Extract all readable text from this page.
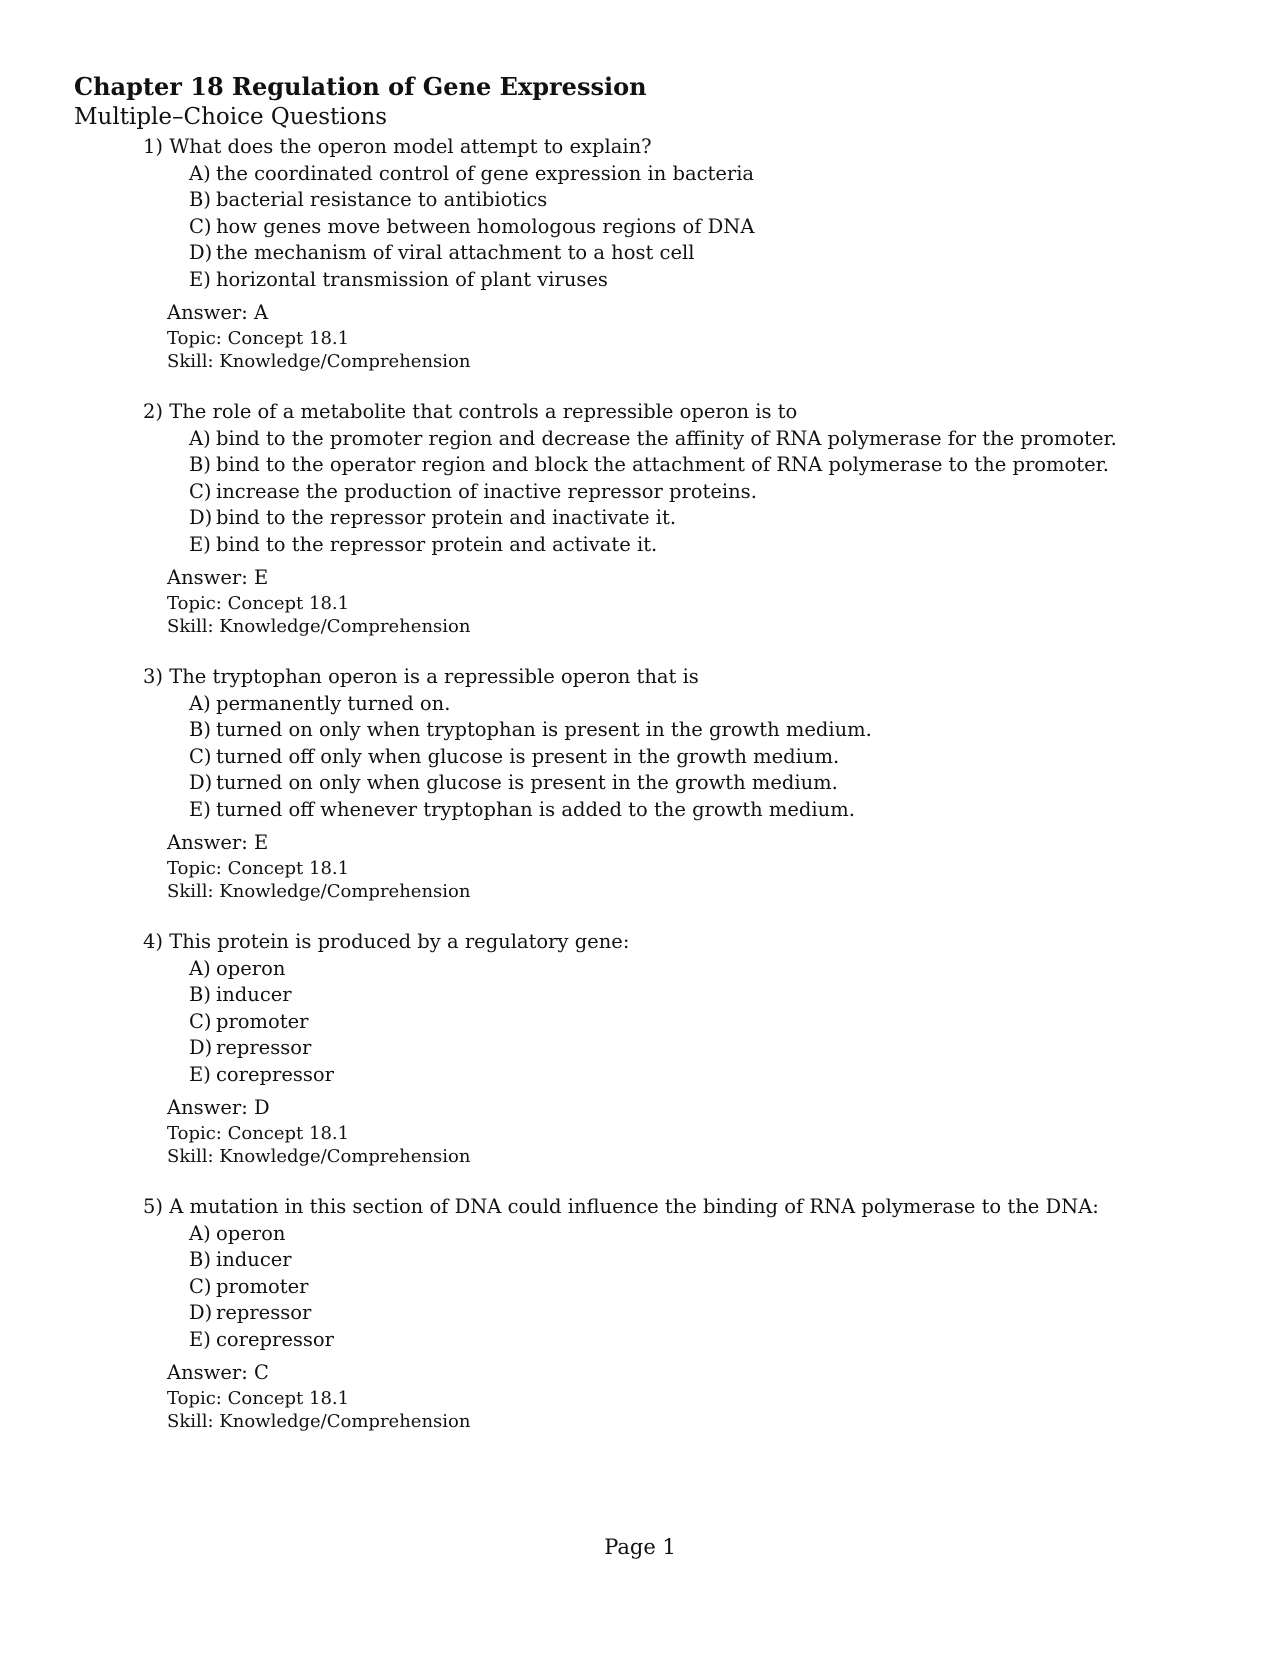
Chapter 18 Regulation of Gene Expression
Multiple–Choice Questions
1) What does the operon model attempt to explain?
A) the coordinated control of gene expression in bacteria
B) bacterial resistance to antibiotics
C) how genes move between homologous regions of DNA
D) the mechanism of viral attachment to a host cell
E) horizontal transmission of plant viruses
Answer: A
Topic: Concept 18.1
Skill: Knowledge/Comprehension
2) The role of a metabolite that controls a repressible operon is to
A) bind to the promoter region and decrease the affinity of RNA polymerase for the promoter.
B) bind to the operator region and block the attachment of RNA polymerase to the promoter.
C) increase the production of inactive repressor proteins.
D) bind to the repressor protein and inactivate it.
E) bind to the repressor protein and activate it.
Answer: E
Topic: Concept 18.1
Skill: Knowledge/Comprehension
3) The tryptophan operon is a repressible operon that is
A) permanently turned on.
B) turned on only when tryptophan is present in the growth medium.
C) turned off only when glucose is present in the growth medium.
D) turned on only when glucose is present in the growth medium.
E) turned off whenever tryptophan is added to the growth medium.
Answer: E
Topic: Concept 18.1
Skill: Knowledge/Comprehension
4) This protein is produced by a regulatory gene:
A) operon
B) inducer
C) promoter
D) repressor
E) corepressor
Answer: D
Topic: Concept 18.1
Skill: Knowledge/Comprehension
5) A mutation in this section of DNA could influence the binding of RNA polymerase to the DNA:
A) operon
B) inducer
C) promoter
D) repressor
E) corepressor
Answer: C
Topic: Concept 18.1
Skill: Knowledge/Comprehension
Page 1
